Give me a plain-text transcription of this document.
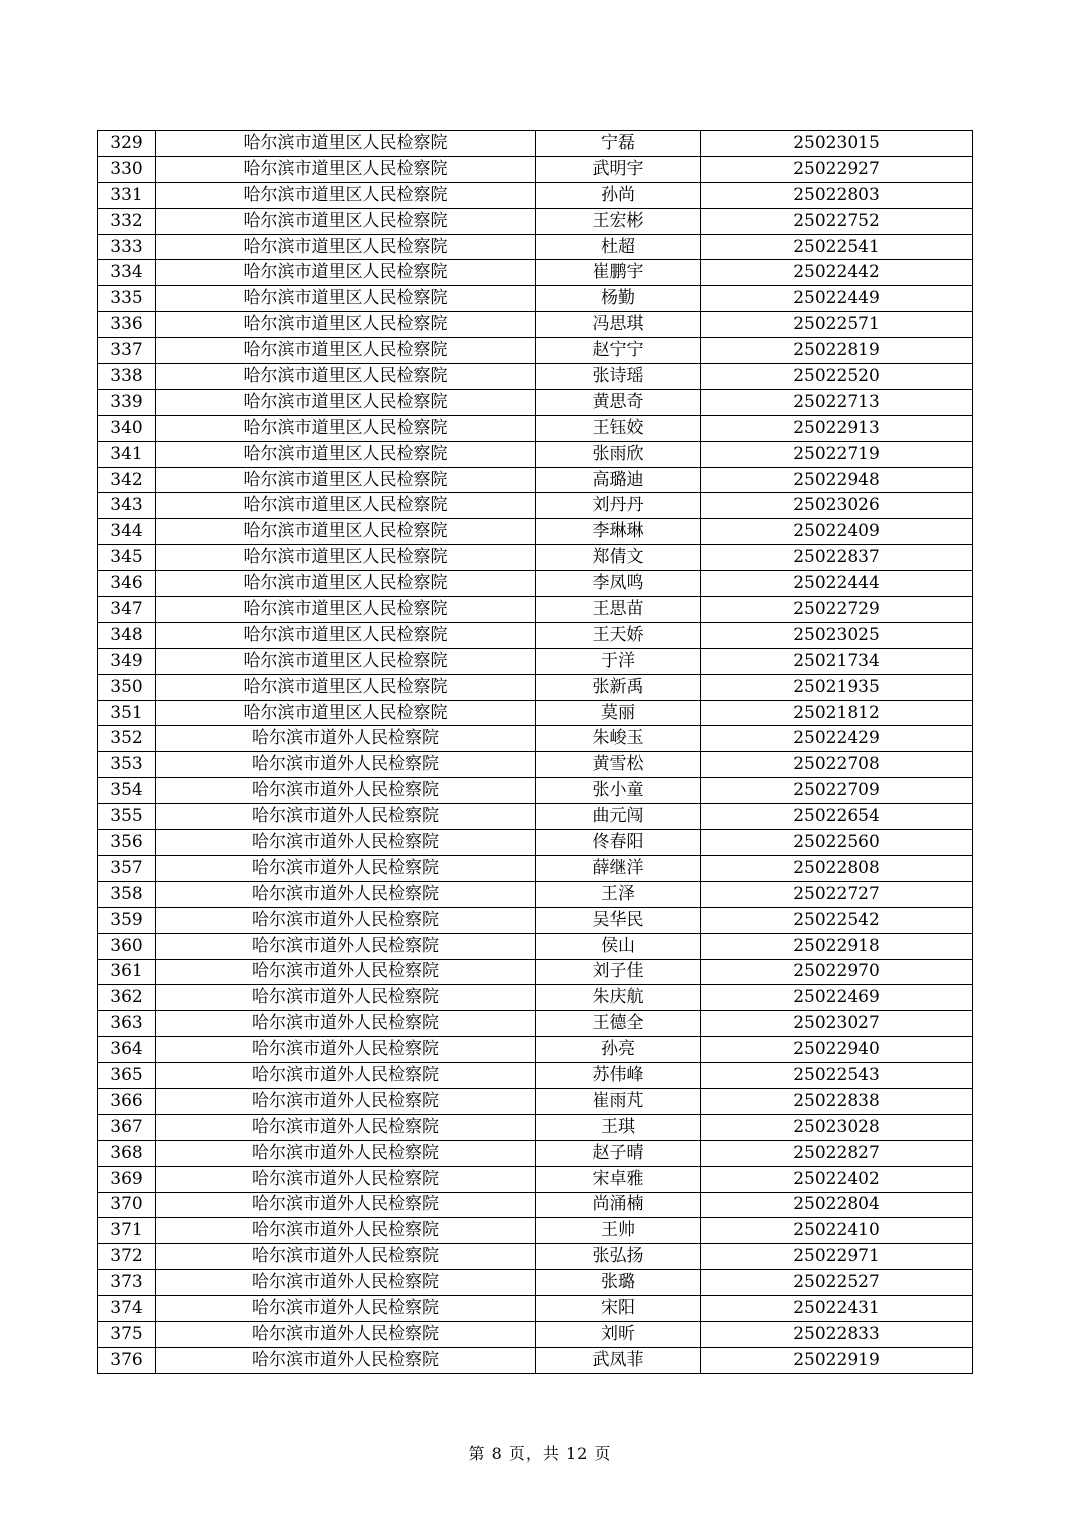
329	哈尔滨市道里区人民检察院	宁磊	25023015
330	哈尔滨市道里区人民检察院	武明宇	25022927
331	哈尔滨市道里区人民检察院	孙尚	25022803
332	哈尔滨市道里区人民检察院	王宏彬	25022752
333	哈尔滨市道里区人民检察院	杜超	25022541
334	哈尔滨市道里区人民检察院	崔鹏宇	25022442
335	哈尔滨市道里区人民检察院	杨勤	25022449
336	哈尔滨市道里区人民检察院	冯思琪	25022571
337	哈尔滨市道里区人民检察院	赵宁宁	25022819
338	哈尔滨市道里区人民检察院	张诗瑶	25022520
339	哈尔滨市道里区人民检察院	黄思奇	25022713
340	哈尔滨市道里区人民检察院	王钰姣	25022913
341	哈尔滨市道里区人民检察院	张雨欣	25022719
342	哈尔滨市道里区人民检察院	高璐迪	25022948
343	哈尔滨市道里区人民检察院	刘丹丹	25023026
344	哈尔滨市道里区人民检察院	李琳琳	25022409
345	哈尔滨市道里区人民检察院	郑倩文	25022837
346	哈尔滨市道里区人民检察院	李凤鸣	25022444
347	哈尔滨市道里区人民检察院	王思苗	25022729
348	哈尔滨市道里区人民检察院	王天娇	25023025
349	哈尔滨市道里区人民检察院	于洋	25021734
350	哈尔滨市道里区人民检察院	张新禹	25021935
351	哈尔滨市道里区人民检察院	莫丽	25021812
352	哈尔滨市道外人民检察院	朱峻玉	25022429
353	哈尔滨市道外人民检察院	黄雪松	25022708
354	哈尔滨市道外人民检察院	张小童	25022709
355	哈尔滨市道外人民检察院	曲元闯	25022654
356	哈尔滨市道外人民检察院	佟春阳	25022560
357	哈尔滨市道外人民检察院	薛继洋	25022808
358	哈尔滨市道外人民检察院	王泽	25022727
359	哈尔滨市道外人民检察院	吴华民	25022542
360	哈尔滨市道外人民检察院	侯山	25022918
361	哈尔滨市道外人民检察院	刘子佳	25022970
362	哈尔滨市道外人民检察院	朱庆航	25022469
363	哈尔滨市道外人民检察院	王德全	25023027
364	哈尔滨市道外人民检察院	孙亮	25022940
365	哈尔滨市道外人民检察院	苏伟峰	25022543
366	哈尔滨市道外人民检察院	崔雨芃	25022838
367	哈尔滨市道外人民检察院	王琪	25023028
368	哈尔滨市道外人民检察院	赵子晴	25022827
369	哈尔滨市道外人民检察院	宋卓雅	25022402
370	哈尔滨市道外人民检察院	尚涌楠	25022804
371	哈尔滨市道外人民检察院	王帅	25022410
372	哈尔滨市道外人民检察院	张弘扬	25022971
373	哈尔滨市道外人民检察院	张璐	25022527
374	哈尔滨市道外人民检察院	宋阳	25022431
375	哈尔滨市道外人民检察院	刘昕	25022833
376	哈尔滨市道外人民检察院	武凤菲	25022919
第 8 页，共 12 页
